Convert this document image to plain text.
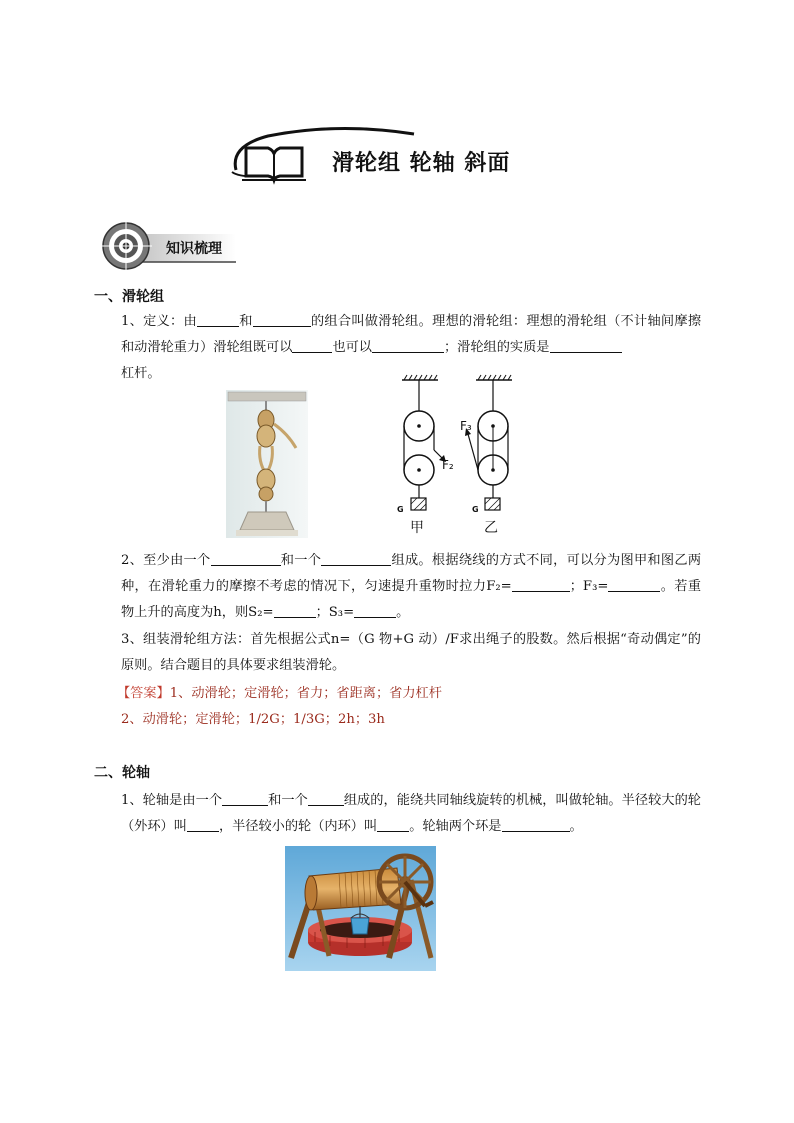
滑轮组 轮轴 斜面
知识梳理
一、滑轮组
1、定义：由	和	的组合叫做滑轮组。理想的滑轮组：理想的滑轮组（不计轴间摩擦和动滑轮重力）滑轮组既可以	也可以	；滑轮组的实质是
杠杆。
F₂
G
甲
F₃
G
乙
2、至少由一个	和一个	组成。根据绕线的方式不同，可以分为图甲和图乙两种，在滑轮重力的摩擦不考虑的情况下，匀速提升重物时拉力F₂=	；F₃=	。若重物上升的高度为h，则S₂=	；S₃=	。
3、组装滑轮组方法：首先根据公式n=（G 物+G 动）/F求出绳子的股数。然后根据“奇动偶定”的原则。结合题目的具体要求组装滑轮。
【答案】1、动滑轮；定滑轮；省力；省距离；省力杠杆
2、动滑轮；定滑轮；1/2G；1/3G；2h；3h
二、轮轴
1、轮轴是由一个	和一个	组成的，能绕共同轴线旋转的机械，叫做轮轴。半径较大的轮（外环）叫 ，半径较小的轮（内环）叫 。轮轴两个环是	。
